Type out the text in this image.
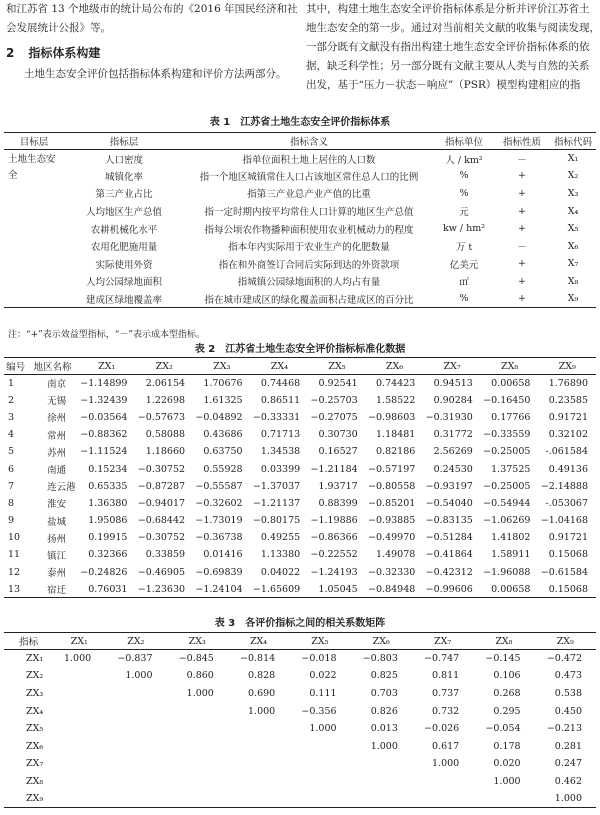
和江苏省 13 个地级市的统计局公布的《2016 年国民经济和社

会发展统计公报》等。

2 指标体系构建

土地生态安全评价包括指标体系构建和评价方法两部分。

其中，构建土地生态安全评价指标体系是分析并评价江苏省土

地生态安全的第一步。通过对当前相关文献的收集与阅读发现，

一部分既有文献没有指出构建土地生态安全评价指标体系的依

据，缺乏科学性；另一部分既有文献主要从人类与自然的关系

出发，基于“压力－状态－响应”（PSR）模型构建相应的指

表 1　江苏省土地生态安全评价指标体系
目标层	指标层	指标含义	指标单位	指标性质	指标代码
土地生态安全	人口密度	指单位面积土地上居住的人口数	人 / km²	－	X₁
	城镇化率	指一个地区城镇常住人口占该地区常住总人口的比例	%	+	X₂
	第三产业占比	指第三产业总产业产值的比重	%	+	X₃
	人均地区生产总值	指一定时期内按平均常住人口计算的地区生产总值	元	+	X₄
	农耕机械化水平	指每公顷农作物播种面积使用农业机械动力的程度	kw / hm²	+	X₅
	农用化肥施用量	指本年内实际用于农业生产的化肥数量	万 t	－	X₆
	实际使用外资	指在和外商签订合同后实际到达的外资款项	亿美元	+	X₇
	人均公园绿地面积	指城镇公园绿地面积的人均占有量	㎡	+	X₈
	建成区绿地覆盖率	指在城市建成区的绿化覆盖面积占建成区的百分比	%	+	X₉
注：“+”表示效益型指标，“－”表示成本型指标。
表 2　江苏省土地生态安全评价指标标准化数据
编号	地区名称	ZX₁	ZX₂	ZX₃	ZX₄	ZX₅	ZX₆	ZX₇	ZX₈	ZX₉
1	南京	−1.14899	2.06154	1.70676	0.74468	0.92541	0.74423	0.94513	0.00658	1.76890
2	无锡	−1.32439	1.22698	1.61325	0.86511	−0.25703	1.58522	0.90284	−0.16450	0.23585
3	徐州	−0.03564	−0.57673	−0.04892	−0.33331	−0.27075	−0.98603	−0.31930	0.17766	0.91721
4	常州	−0.88362	0.58088	0.43686	0.71713	0.30730	1.18481	0.31772	−0.33559	0.32102
5	苏州	−1.11524	1.18660	0.63750	1.34538	0.16527	0.82186	2.56269	−0.25005	-.061584
6	南通	0.15234	−0.30752	0.55928	0.03399	−1.21184	−0.57197	0.24530	1.37525	0.49136
7	连云港	0.65335	−0.87287	−0.55587	−1.37037	1.93717	−0.80558	−0.93197	−0.25005	−2.14888
8	淮安	1.36380	−0.94017	−0.32602	−1.21137	0.88399	−0.85201	−0.54040	−0.54944	-.053067
9	盐城	1.95086	−0.68442	−1.73019	−0.80175	−1.19886	−0.93885	−0.83135	−1.06269	−1.04168
10	扬州	0.19915	−0.30752	−0.36738	0.49255	−0.86366	−0.49970	−0.51284	1.41802	0.91721
11	镇江	0.32366	0.33859	0.01416	1.13380	−0.22552	1.49078	−0.41864	1.58911	0.15068
12	泰州	−0.24826	−0.46905	−0.69839	0.04022	−1.24193	−0.32330	−0.42312	−1.96088	−0.61584
13	宿迁	0.76031	−1.23630	−1.24104	−1.65609	1.05045	−0.84948	−0.99606	0.00658	0.15068
表 3　各评价指标之间的相关系数矩阵
指标	ZX₁	ZX₂	ZX₃	ZX₄	ZX₅	ZX₆	ZX₇	ZX₈	ZX₉
ZX₁	1.000	−0.837	−0.845	−0.814	−0.018	−0.803	−0.747	−0.145	−0.472
ZX₂		1.000	0.860	0.828	0.022	0.825	0.811	0.106	0.473
ZX₃			1.000	0.690	0.111	0.703	0.737	0.268	0.538
ZX₄				1.000	−0.356	0.826	0.732	0.295	0.450
ZX₅					1.000	0.013	−0.026	−0.054	−0.213
ZX₆						1.000	0.617	0.178	0.281
ZX₇							1.000	0.020	0.247
ZX₈								1.000	0.462
ZX₉									1.000
